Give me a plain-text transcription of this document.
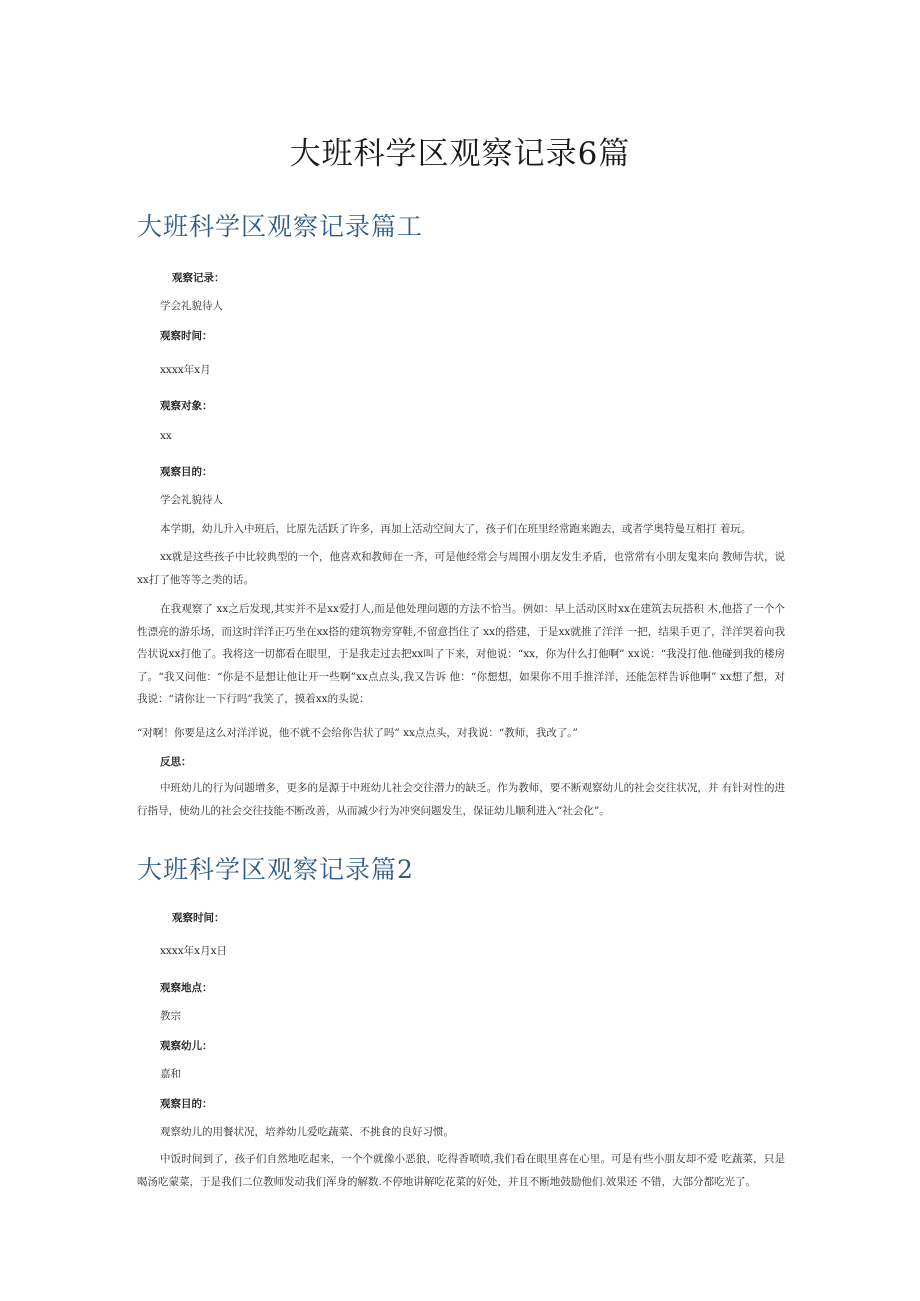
大班科学区观察记录6篇
大班科学区观察记录篇工
观察记录：
学会礼貌待人
观察时间：
xxxx年x月
观察对象：
xx
观察目的：
学会礼貌待人

本学期，幼儿升入中班后，比原先活跃了许多，再加上活动空间大了，孩子们在班里经常跑来跑去，或者学奥特曼互相打 着玩。

xx就是这些孩子中比较典型的一个，他喜欢和教师在一齐，可是他经常会与周围小朋友发生矛盾，也常常有小朋友鬼来向 教师告状，说xx打了他等等之类的话。

在我观察了 xx之后发现,其实并不是xx爱打人,而是他处理问题的方法不恰当。例如：早上活动区时xx在建筑去玩搭积 木,他搭了一个个性漂亮的游乐场，而这时洋洋正巧坐在xx搭的建筑物旁穿鞋,不留意挡住了 xx的搭建，于是xx就推了洋洋 一把，结果手更了，洋洋哭着向我告状说xx打他了。我将这一切都看在眼里，于是我走过去把xx叫了下来，对他说：“xx，你为什么打他啊” xx说：“我没打他.他碰到我的楼房了。“我又问他：“你是不是想让他让开一些啊”xx点点头,我又告诉 他：“你想想，如果你不用手推洋洋，还能怎样告诉他啊” xx想了想，对我说：“请你让一下行吗”我笑了，摸着xx的头说：

“对啊！你要是这么对洋洋说，他不就不会给你告状了吗” xx点点头，对我说：“教师，我改了。”
反思：

中班幼儿的行为问题增多，更多的是源于中班幼儿社会交往潜力的缺乏。作为教师，要不断观察幼儿的社会交往状况，并 有针对性的进行指导，使幼儿的社会交往技能不断改善，从而减少行为冲突问题发生，保证幼儿顺利进入“社会化”。

大班科学区观察记录篇2
观察时间：
xxxx年x月x日
观察地点：
教宗
观察幼儿：
嘉和
观察目的：
观察幼儿的用餐状况，培养幼儿爱吃蔬菜、不挑食的良好习惯。

中饭时间到了，孩子们自然地吃起来，一个个就像小恶狼，吃得香喷喷,我们看在眼里喜在心里。可是有些小朋友却不爱 吃蔬菜，只是喝汤吃蒙菜，于是我们二位教师发动我们浑身的解数.不停地讲解吃花菜的好处，并且不断地鼓励他们.效果还 不错，大部分都吃光了。
